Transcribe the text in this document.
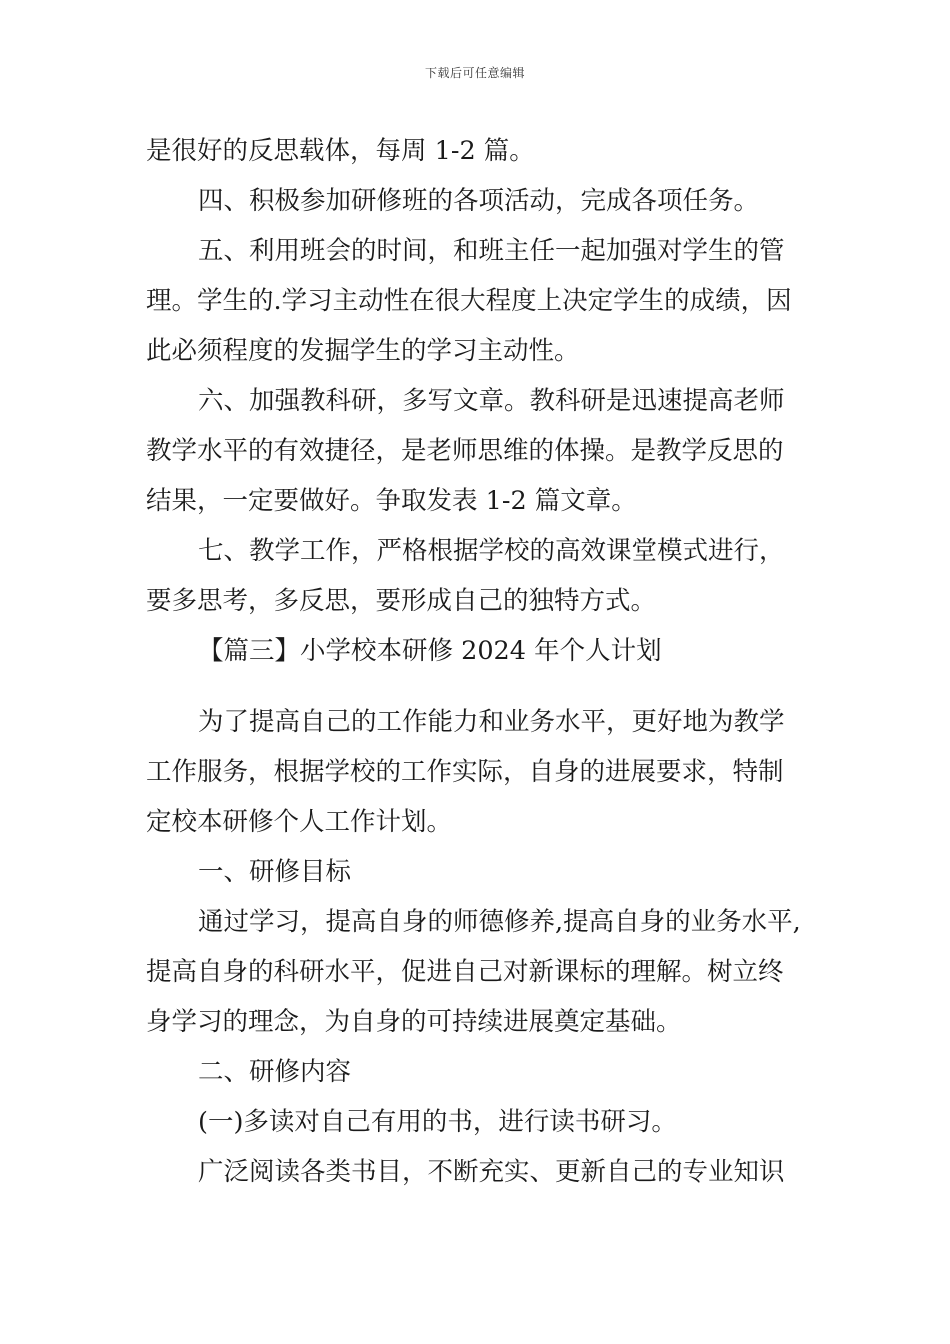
下载后可任意编辑
是很好的反思载体，每周 1-2 篇。
四、积极参加研修班的各项活动，完成各项任务。
五、利用班会的时间，和班主任一起加强对学生的管
理。学生的.学习主动性在很大程度上决定学生的成绩，因
此必须程度的发掘学生的学习主动性。
六、加强教科研，多写文章。教科研是迅速提高老师
教学水平的有效捷径，是老师思维的体操。是教学反思的
结果，一定要做好。争取发表 1-2 篇文章。
七、教学工作，严格根据学校的高效课堂模式进行，
要多思考，多反思，要形成自己的独特方式。
【篇三】小学校本研修 2024 年个人计划
为了提高自己的工作能力和业务水平，更好地为教学
工作服务，根据学校的工作实际，自身的进展要求，特制
定校本研修个人工作计划。
一、研修目标
通过学习，提高自身的师德修养,提高自身的业务水平,
提高自身的科研水平，促进自己对新课标的理解。树立终
身学习的理念，为自身的可持续进展奠定基础。
二、研修内容
(一)多读对自己有用的书，进行读书研习。
广泛阅读各类书目，不断充实、更新自己的专业知识
